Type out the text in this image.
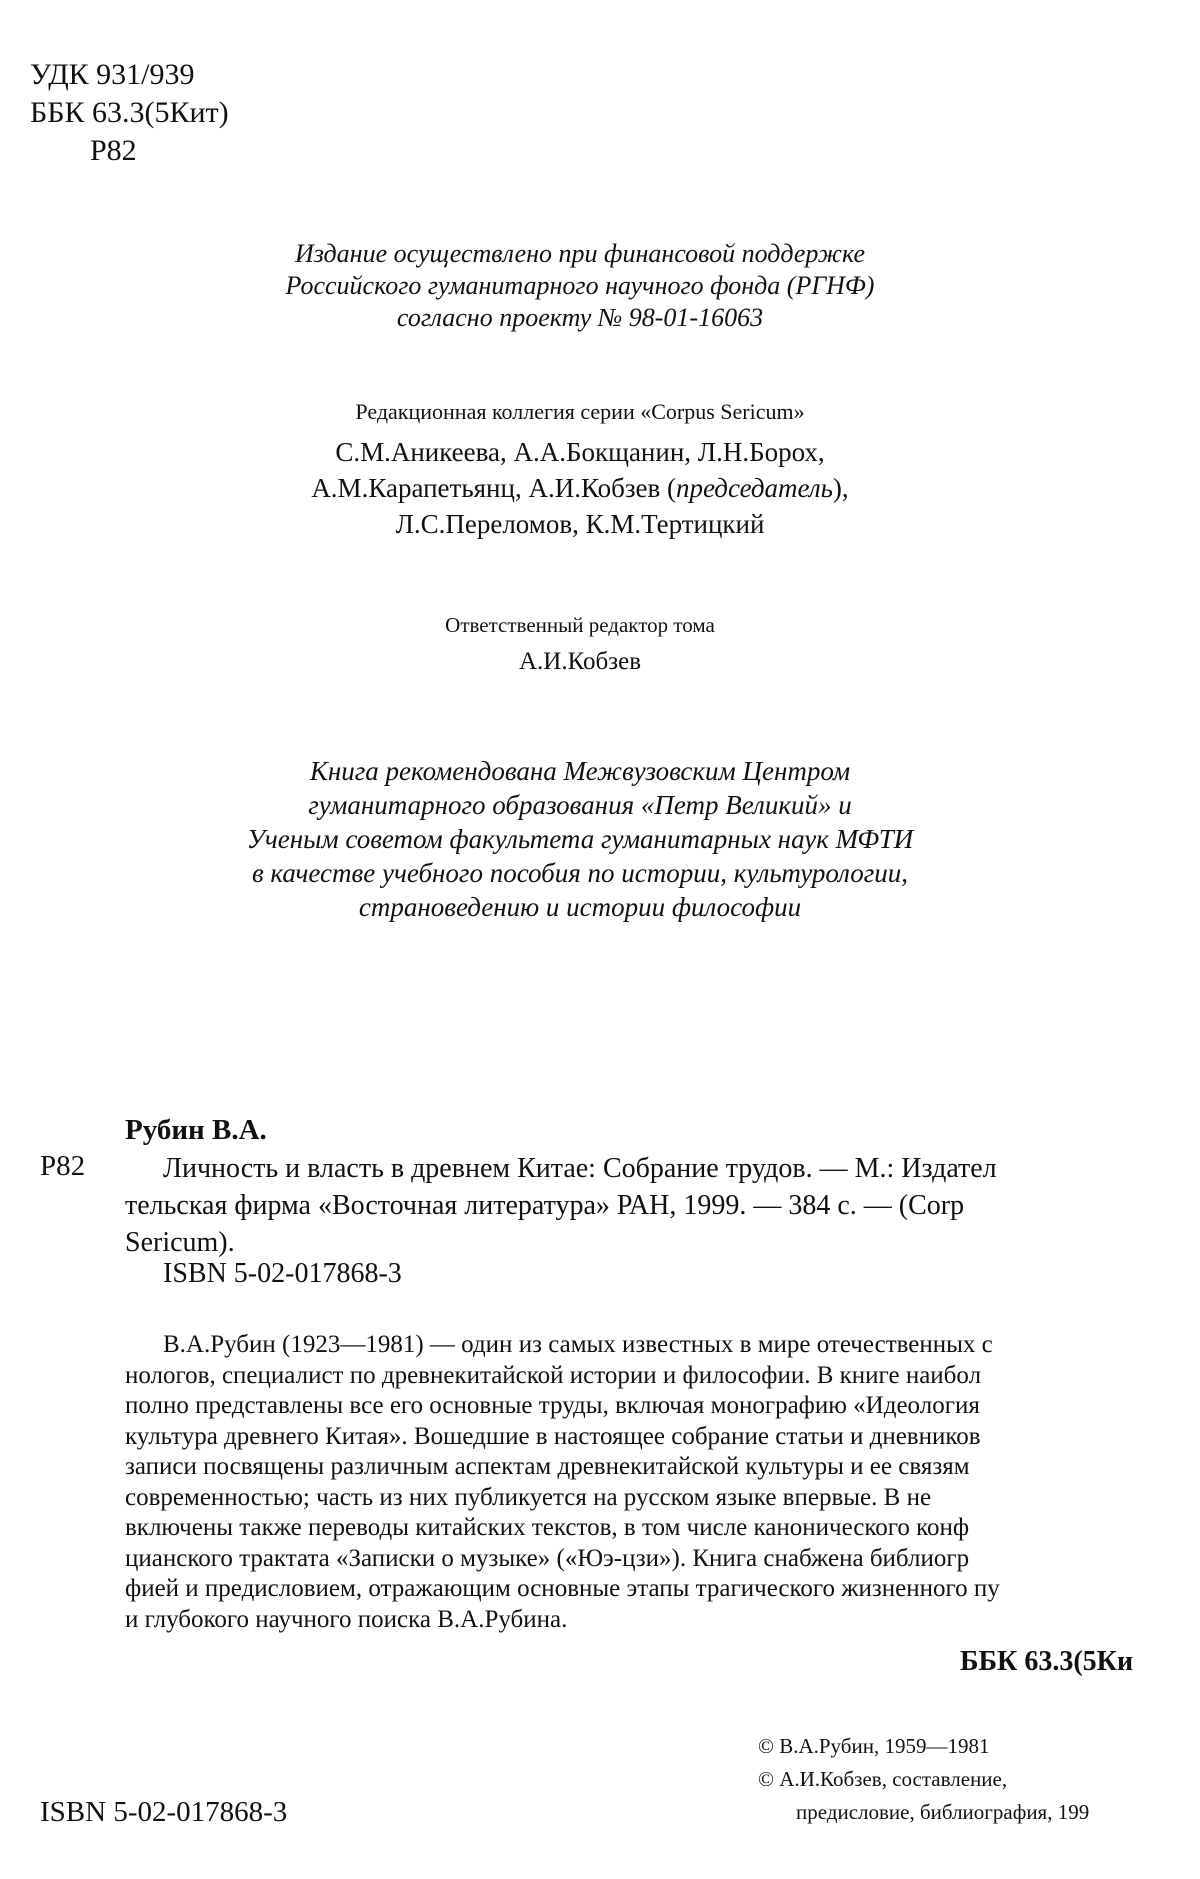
УДК 931/939
ББК 63.3(5Кит)
Р82
Издание осуществлено при финансовой поддержке
Российского гуманитарного научного фонда (РГНФ)
согласно проекту № 98-01-16063
Редакционная коллегия серии «Corpus Sericum»
С.М.Аникеева, А.А.Бокщанин, Л.Н.Борох,
А.М.Карапетьянц, А.И.Кобзев (председатель),
Л.С.Переломов, К.М.Тертицкий
Ответственный редактор тома
А.И.Кобзев
Книга рекомендована Межвузовским Центром
гуманитарного образования «Петр Великий» и
Ученым советом факультета гуманитарных наук МФТИ
в качестве учебного пособия по истории, культурологии,
страноведению и истории философии
Рубин В.А.
Р82	Личность и власть в древнем Китае: Собрание трудов. — М.: Издател
тельская фирма «Восточная литература» РАН, 1999. — 384 с. — (Corp
Sericum).
ISBN 5-02-017868-3
В.А.Рубин (1923—1981) — один из самых известных в мире отечественных с
нологов, специалист по древнекитайской истории и философии. В книге наибол
полно представлены все его основные труды, включая монографию «Идеология
культура древнего Китая». Вошедшие в настоящее собрание статьи и дневников
записи посвящены различным аспектам древнекитайской культуры и ее связям
современностью; часть из них публикуется на русском языке впервые. В не
включены также переводы китайских текстов, в том числе канонического конф
цианского трактата «Записки о музыке» («Юэ-цзи»). Книга снабжена библиогр
фией и предисловием, отражающим основные этапы трагического жизненного пу
и глубокого научного поиска В.А.Рубина.
ББК 63.3(5Ки
© В.А.Рубин, 1959—1981
© А.И.Кобзев, составление,
предисловие, библиография, 199
ISBN 5-02-017868-3
